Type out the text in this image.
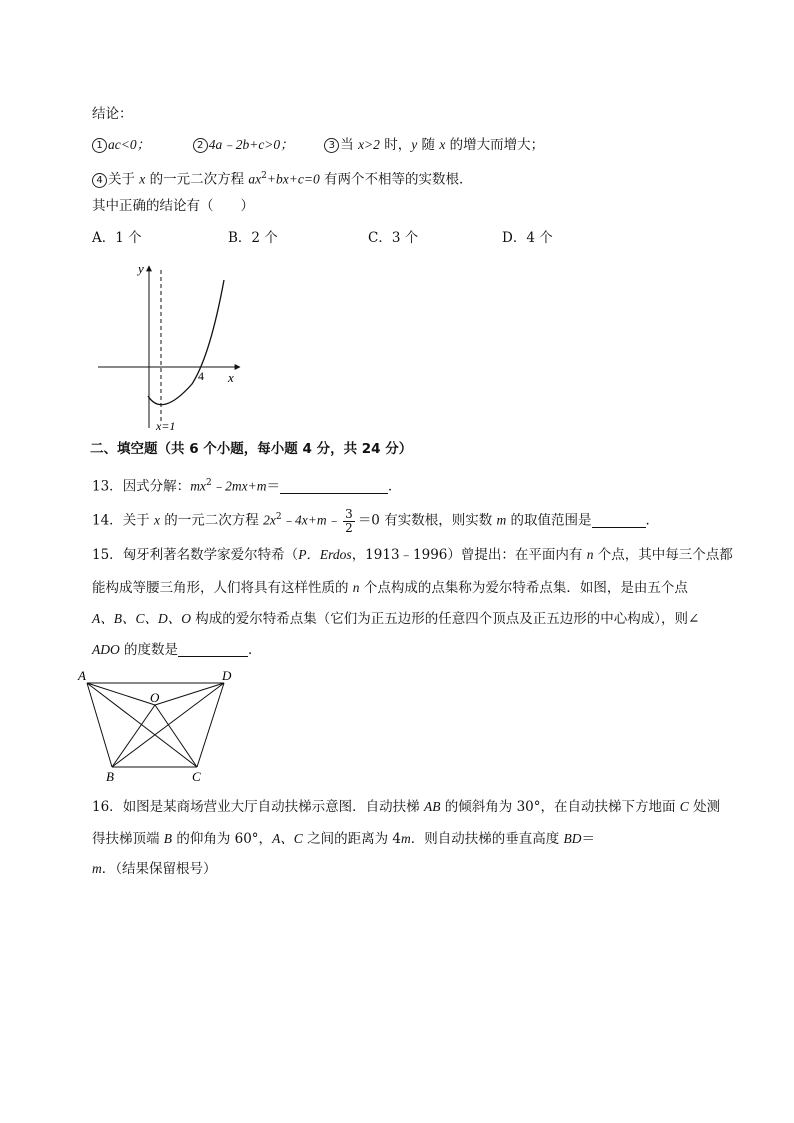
结论：
1 ac<0；	2 4a﹣2b+c>0；	3 当 x>2 时，y 随 x 的增大而增大；
4 关于 x 的一元二次方程 $ax^2+bx+c=0$ 有两个不相等的实数根．
其中正确的结论有（　　）
A．1 个	B．2 个	C．3 个	D．4 个
y
x
4
x=1
二、填空题（共 6 个小题，每小题 4 分，共 24 分）
13．因式分解：$mx^2﹣2mx+m=$	．
14．关于 x 的一元二次方程 $2x^2﹣4x+m﹣ \frac{3}{2} =0$ 有实数根，则实数 m 的取值范围是	．
15．匈牙利著名数学家爱尔特希（P．Erdos，1913﹣1996）曾提出：在平面内有 n 个点，其中每三个点都
能构成等腰三角形，人们将具有这样性质的 n 个点构成的点集称为爱尔特希点集．如图，是由五个点
A、B、C、D、O 构成的爱尔特希点集（它们为正五边形的任意四个顶点及正五边形的中心构成），则∠
ADO 的度数是	．
A	D
O
B	C
16．如图是某商场营业大厅自动扶梯示意图．自动扶梯 AB 的倾斜角为 30°，在自动扶梯下方地面 C 处测
得扶梯顶端 B 的仰角为 60°，A、C 之间的距离为 4m．则自动扶梯的垂直高度 BD＝
m．（结果保留根号）
